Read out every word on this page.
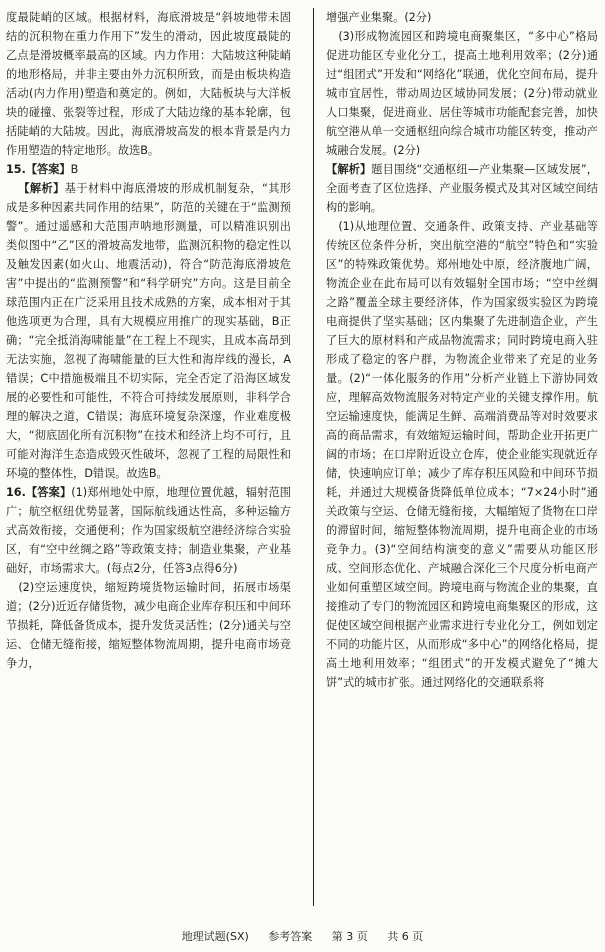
度最陡峭的区域。根据材料，海底滑坡是“斜坡地带未固结的沉积物在重力作用下”发生的滑动，因此坡度最陡的乙点是滑坡概率最高的区域。内力作用：大陆坡这种陡峭的地形格局，并非主要由外力沉积所致，而是由板块构造活动(内力作用)塑造和奠定的。例如，大陆板块与大洋板块的碰撞、张裂等过程，形成了大陆边缘的基本轮廓，包括陡峭的大陆坡。因此，海底滑坡高发的根本背景是内力作用塑造的特定地形。故选B。

15.【答案】B

【解析】基于材料中海底滑坡的形成机制复杂，“其形成是多种因素共同作用的结果”，防范的关键在于“监测预警”。通过遥感和大范围声呐地形测量，可以精准识别出类似图中“乙”区的滑坡高发地带，监测沉积物的稳定性以及触发因素(如火山、地震活动)，符合“防范海底滑坡危害”中提出的“监测预警”和“科学研究”方向。这是目前全球范围内正在广泛采用且技术成熟的方案，成本相对于其他选项更为合理，具有大规模应用推广的现实基础，B正确；“完全抵消海啸能量”在工程上不现实，且成本高昂到无法实施，忽视了海啸能量的巨大性和海岸线的漫长，A错误；C中措施极端且不切实际，完全否定了沿海区域发展的必要性和可能性，不符合可持续发展原则，非科学合理的解决之道，C错误；海底环境复杂深邃，作业难度极大，“彻底固化所有沉积物”在技术和经济上均不可行，且可能对海洋生态造成毁灭性破坏，忽视了工程的局限性和环境的整体性，D错误。故选B。

16.【答案】(1)郑州地处中原，地理位置优越，辐射范围广；航空枢纽优势显著，国际航线通达性高，多种运输方式高效衔接，交通便利；作为国家级航空港经济综合实验区，有“空中丝绸之路”等政策支持；制造业集聚，产业基础好，市场需求大。(每点2分，任答3点得6分)

(2)空运速度快，缩短跨境货物运输时间，拓展市场渠道；(2分)近近存储货物，减少电商企业库存积压和中间环节损耗，降低备货成本，提升发货灵活性；(2分)通关与空运、仓储无缝衔接，缩短整体物流周期，提升电商市场竞争力，

增强产业集聚。(2分)

(3)形成物流园区和跨境电商聚集区，“多中心”格局促进功能区专业化分工，提高土地利用效率；(2分)通过“组团式”开发和“网络化”联通，优化空间布局，提升城市宜居性，带动周边区域协同发展；(2分)带动就业人口集聚，促进商业、居住等城市功能配套完善，加快航空港从单一交通枢纽向综合城市功能区转变，推动产城融合发展。(2分)

【解析】题目围绕“交通枢纽—产业集聚—区域发展”，全面考查了区位选择、产业服务模式及其对区域空间结构的影响。

(1)从地理位置、交通条件、政策支持、产业基础等传统区位条件分析，突出航空港的“航空”特色和“实验区”的特殊政策优势。郑州地处中原，经济腹地广阔，物流企业在此布局可以有效辐射全国市场；“空中丝绸之路”覆盖全球主要经济体，作为国家级实验区为跨境电商提供了坚实基础；区内集聚了先进制造企业，产生了巨大的原材料和产成品物流需求；同时跨境电商入驻形成了稳定的客户群，为物流企业带来了充足的业务量。(2)“一体化服务的作用”分析产业链上下游协同效应，理解高效物流服务对特定产业的关键支撑作用。航空运输速度快，能满足生鲜、高端消费品等对时效要求高的商品需求，有效缩短运输时间，帮助企业开拓更广阔的市场；在口岸附近设立仓库，使企业能实现就近存储，快速响应订单；减少了库存积压风险和中间环节损耗，并通过大规模备货降低单位成本；“7×24小时”通关政策与空运、仓储无缝衔接，大幅缩短了货物在口岸的滞留时间，缩短整体物流周期，提升电商企业的市场竞争力。(3)“空间结构演变的意义”需要从功能区形成、空间形态优化、产城融合深化三个尺度分析电商产业如何重塑区域空间。跨境电商与物流企业的集聚，直接推动了专门的物流园区和跨境电商集聚区的形成，这促使区域空间根据产业需求进行专业化分工，例如划定不同的功能片区，从而形成“多中心”的网络化格局，提高土地利用效率；“组团式”的开发模式避免了“摊大饼”式的城市扩张。通过网络化的交通联系将

地理试题(SX) 参考答案 第 3 页 共 6 页
